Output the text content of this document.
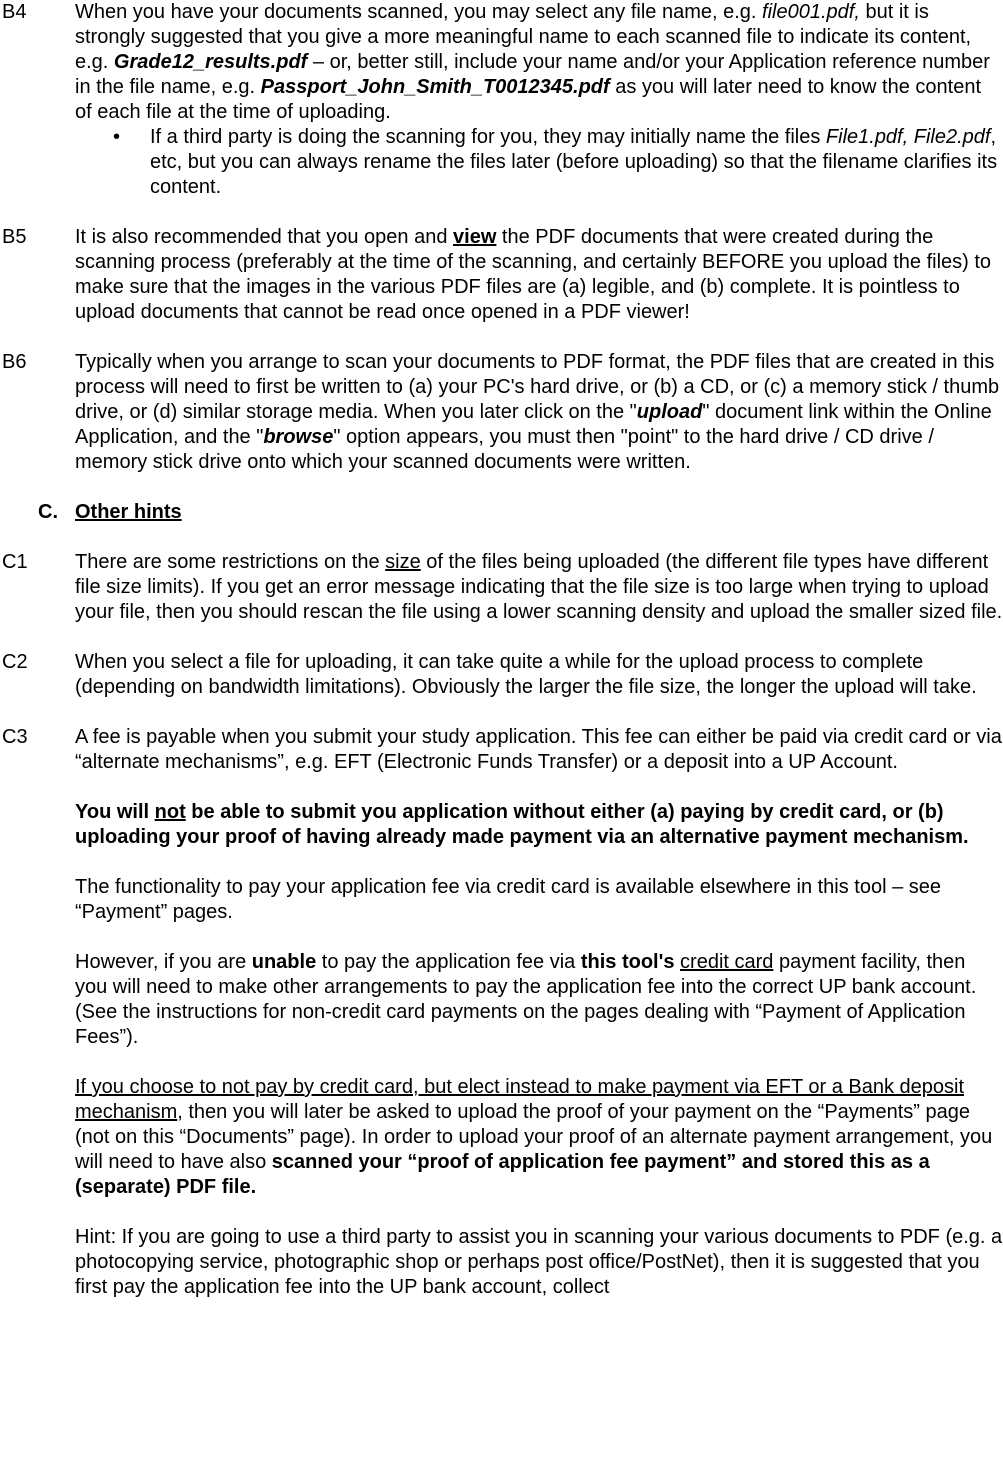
B4 When you have your documents scanned, you may select any file name, e.g. file001.pdf, but it is strongly suggested that you give a more meaningful name to each scanned file to indicate its content, e.g. Grade12_results.pdf – or, better still, include your name and/or your Application reference number in the file name, e.g. Passport_John_Smith_T0012345.pdf as you will later need to know the content of each file at the time of uploading.
• If a third party is doing the scanning for you, they may initially name the files File1.pdf, File2.pdf, etc, but you can always rename the files later (before uploading) so that the filename clarifies its content.
B5 It is also recommended that you open and view the PDF documents that were created during the scanning process (preferably at the time of the scanning, and certainly BEFORE you upload the files) to make sure that the images in the various PDF files are (a) legible, and (b) complete. It is pointless to upload documents that cannot be read once opened in a PDF viewer!
B6 Typically when you arrange to scan your documents to PDF format, the PDF files that are created in this process will need to first be written to (a) your PC's hard drive, or (b) a CD, or (c) a memory stick / thumb drive, or (d) similar storage media. When you later click on the "upload" document link within the Online Application, and the "browse" option appears, you must then "point" to the hard drive / CD drive / memory stick drive onto which your scanned documents were written.
C. Other hints
C1 There are some restrictions on the size of the files being uploaded (the different file types have different file size limits). If you get an error message indicating that the file size is too large when trying to upload your file, then you should rescan the file using a lower scanning density and upload the smaller sized file.
C2 When you select a file for uploading, it can take quite a while for the upload process to complete (depending on bandwidth limitations). Obviously the larger the file size, the longer the upload will take.
C3 A fee is payable when you submit your study application. This fee can either be paid via credit card or via “alternate mechanisms”, e.g. EFT (Electronic Funds Transfer) or a deposit into a UP Account.
You will not be able to submit you application without either (a) paying by credit card, or (b) uploading your proof of having already made payment via an alternative payment mechanism.
The functionality to pay your application fee via credit card is available elsewhere in this tool – see “Payment” pages.
However, if you are unable to pay the application fee via this tool's credit card payment facility, then you will need to make other arrangements to pay the application fee into the correct UP bank account. (See the instructions for non-credit card payments on the pages dealing with “Payment of Application Fees”).
If you choose to not pay by credit card, but elect instead to make payment via EFT or a Bank deposit mechanism, then you will later be asked to upload the proof of your payment on the “Payments” page (not on this “Documents” page). In order to upload your proof of an alternate payment arrangement, you will need to have also scanned your “proof of application fee payment” and stored this as a (separate) PDF file.
Hint: If you are going to use a third party to assist you in scanning your various documents to PDF (e.g. a photocopying service, photographic shop or perhaps post office/PostNet), then it is suggested that you first pay the application fee into the UP bank account, collect
